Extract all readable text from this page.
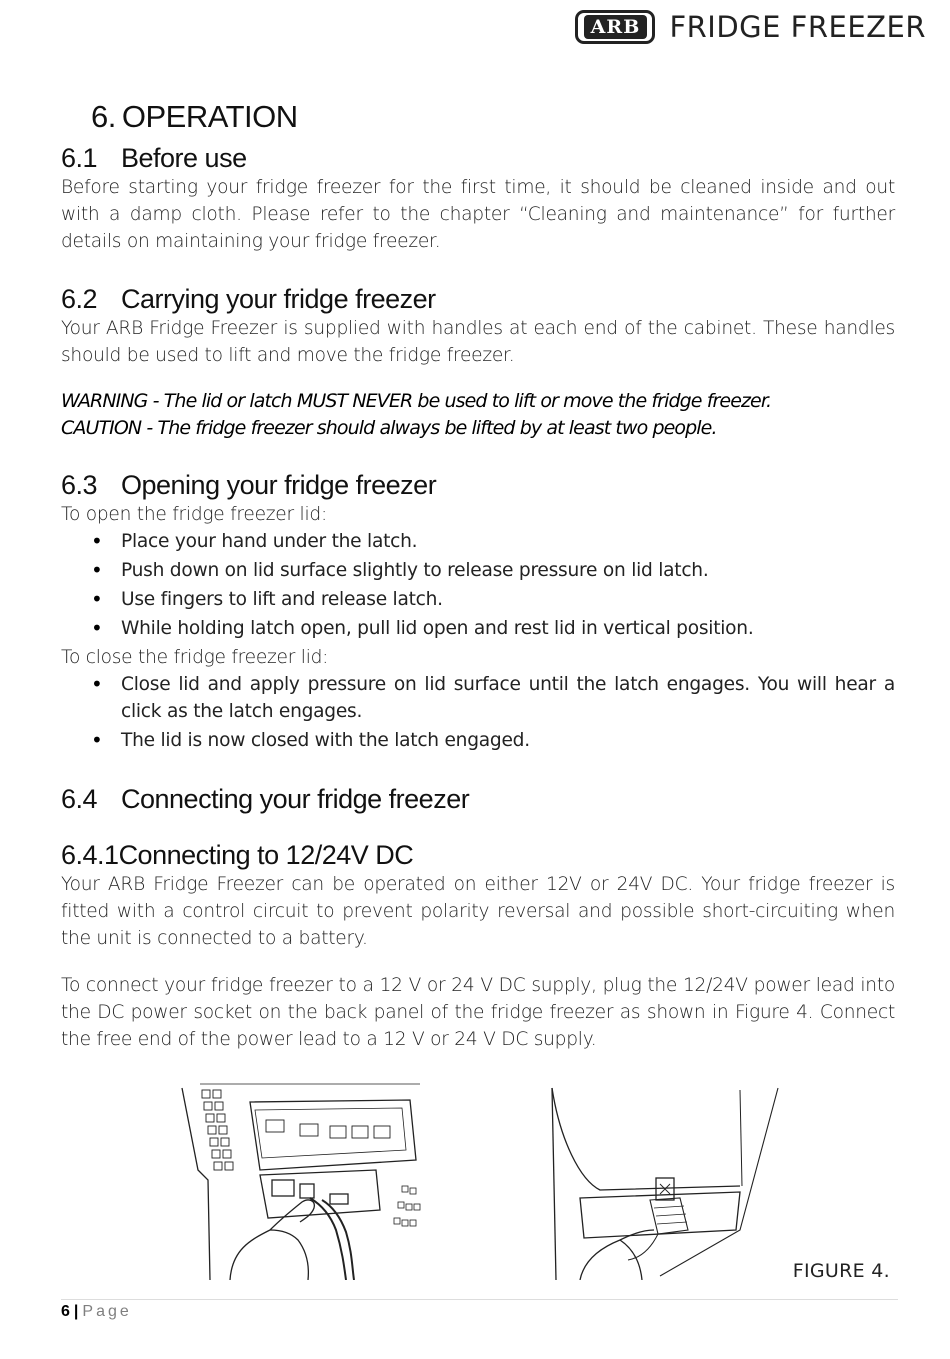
ARB FRIDGE FREEZER
6. OPERATION
6.1 Before use

Before starting your fridge freezer for the first time, it should be cleaned inside and out with a damp cloth. Please refer to the chapter “Cleaning and maintenance” for further details on maintaining your fridge freezer.

6.2 Carrying your fridge freezer

Your ARB Fridge Freezer is supplied with handles at each end of the cabinet. These handles should be used to lift and move the fridge freezer.

WARNING - The lid or latch MUST NEVER be used to lift or move the fridge freezer.
CAUTION - The fridge freezer should always be lifted by at least two people.
6.3 Opening your fridge freezer

To open the fridge freezer lid:

• Place your hand under the latch.
• Push down on lid surface slightly to release pressure on lid latch.
• Use fingers to lift and release latch.
• While holding latch open, pull lid open and rest lid in vertical position.

To close the fridge freezer lid:

• Close lid and apply pressure on lid surface until the latch engages. You will hear a click as the latch engages.
• The lid is now closed with the latch engaged.
6.4 Connecting your fridge freezer
6.4.1Connecting to 12/24V DC

Your ARB Fridge Freezer can be operated on either 12V or 24V DC. Your fridge freezer is fitted with a control circuit to prevent polarity reversal and possible short-circuiting when the unit is connected to a battery.

To connect your fridge freezer to a 12 V or 24 V DC supply, plug the 12/24V power lead into the DC power socket on the back panel of the fridge freezer as shown in Figure 4. Connect the free end of the power lead to a 12 V or 24 V DC supply.

FIGURE 4.
6 | Page
